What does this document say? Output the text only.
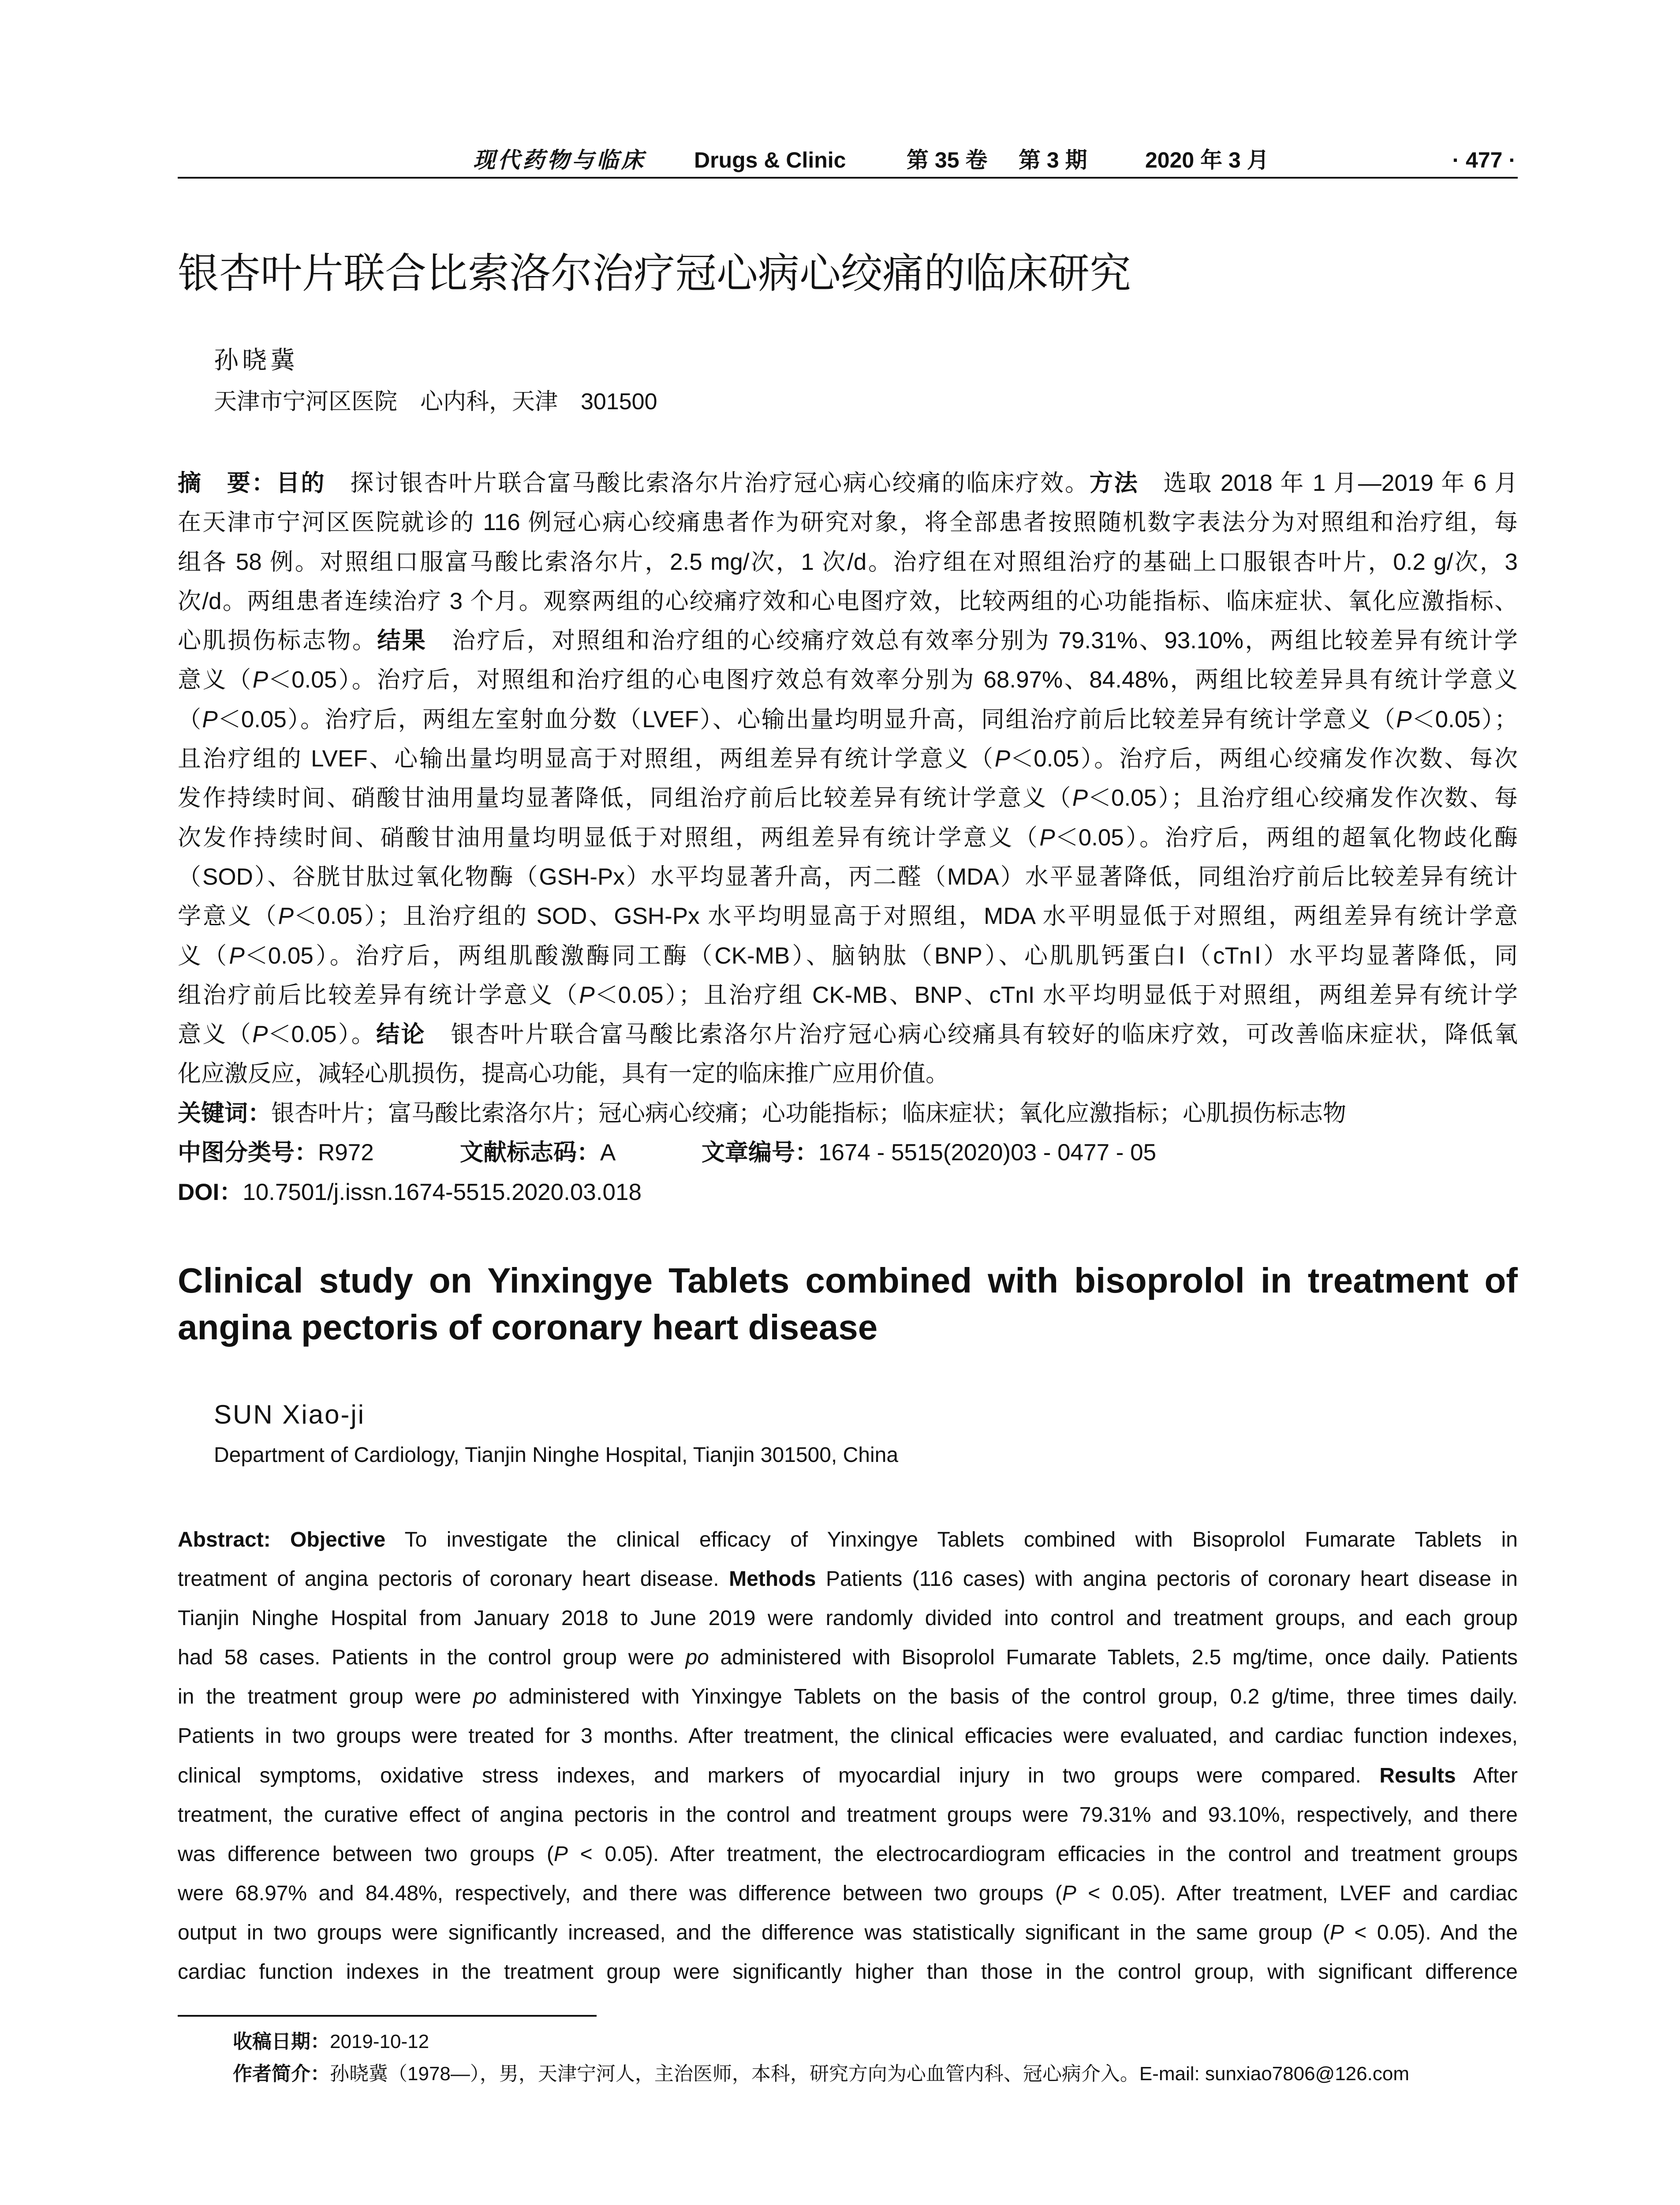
现代药物与临床 Drugs & Clinic	第 35 卷 第 3 期	2020 年 3 月	· 477 ·
银杏叶片联合比索洛尔治疗冠心病心绞痛的临床研究
孙晓冀
天津市宁河区医院　心内科，天津　301500
摘　要：目的　探讨银杏叶片联合富马酸比索洛尔片治疗冠心病心绞痛的临床疗效。方法　选取 2018 年 1 月—2019 年 6 月
在天津市宁河区医院就诊的 116 例冠心病心绞痛患者作为研究对象，将全部患者按照随机数字表法分为对照组和治疗组，每
组各 58 例。对照组口服富马酸比索洛尔片，2.5 mg/次，1 次/d。治疗组在对照组治疗的基础上口服银杏叶片，0.2 g/次，3
次/d。两组患者连续治疗 3 个月。观察两组的心绞痛疗效和心电图疗效，比较两组的心功能指标、临床症状、氧化应激指标、
心肌损伤标志物。结果　治疗后，对照组和治疗组的心绞痛疗效总有效率分别为 79.31%、93.10%，两组比较差异有统计学
意义（P＜0.05）。治疗后，对照组和治疗组的心电图疗效总有效率分别为 68.97%、84.48%，两组比较差异具有统计学意义
（P＜0.05）。治疗后，两组左室射血分数（LVEF）、心输出量均明显升高，同组治疗前后比较差异有统计学意义（P＜0.05）；
且治疗组的 LVEF、心输出量均明显高于对照组，两组差异有统计学意义（P＜0.05）。治疗后，两组心绞痛发作次数、每次
发作持续时间、硝酸甘油用量均显著降低，同组治疗前后比较差异有统计学意义（P＜0.05）；且治疗组心绞痛发作次数、每
次发作持续时间、硝酸甘油用量均明显低于对照组，两组差异有统计学意义（P＜0.05）。治疗后，两组的超氧化物歧化酶
（SOD）、谷胱甘肽过氧化物酶（GSH-Px）水平均显著升高，丙二醛（MDA）水平显著降低，同组治疗前后比较差异有统计
学意义（P＜0.05）；且治疗组的 SOD、GSH-Px 水平均明显高于对照组，MDA 水平明显低于对照组，两组差异有统计学意
义（P＜0.05）。治疗后，两组肌酸激酶同工酶（CK-MB）、脑钠肽（BNP）、心肌肌钙蛋白Ⅰ（cTnⅠ）水平均显著降低，同
组治疗前后比较差异有统计学意义（P＜0.05）；且治疗组 CK-MB、BNP、cTnI 水平均明显低于对照组，两组差异有统计学
意义（P＜0.05）。结论　银杏叶片联合富马酸比索洛尔片治疗冠心病心绞痛具有较好的临床疗效，可改善临床症状，降低氧
化应激反应，减轻心肌损伤，提高心功能，具有一定的临床推广应用价值。
关键词：银杏叶片；富马酸比索洛尔片；冠心病心绞痛；心功能指标；临床症状；氧化应激指标；心肌损伤标志物
中图分类号：R972	文献标志码：A	文章编号：1674 - 5515(2020)03 - 0477 - 05
DOI：10.7501/j.issn.1674-5515.2020.03.018
Clinical study on Yinxingye Tablets combined with bisoprolol in treatment of
angina pectoris of coronary heart disease
SUN Xiao-ji
Department of Cardiology, Tianjin Ninghe Hospital, Tianjin 301500, China
Abstract: Objective To investigate the clinical efficacy of Yinxingye Tablets combined with Bisoprolol Fumarate Tablets in
treatment of angina pectoris of coronary heart disease. Methods Patients (116 cases) with angina pectoris of coronary heart disease in
Tianjin Ninghe Hospital from January 2018 to June 2019 were randomly divided into control and treatment groups, and each group
had 58 cases. Patients in the control group were po administered with Bisoprolol Fumarate Tablets, 2.5 mg/time, once daily. Patients
in the treatment group were po administered with Yinxingye Tablets on the basis of the control group, 0.2 g/time, three times daily.
Patients in two groups were treated for 3 months. After treatment, the clinical efficacies were evaluated, and cardiac function indexes,
clinical symptoms, oxidative stress indexes, and markers of myocardial injury in two groups were compared. Results After
treatment, the curative effect of angina pectoris in the control and treatment groups were 79.31% and 93.10%, respectively, and there
was difference between two groups (P < 0.05). After treatment, the electrocardiogram efficacies in the control and treatment groups
were 68.97% and 84.48%, respectively, and there was difference between two groups (P < 0.05). After treatment, LVEF and cardiac
output in two groups were significantly increased, and the difference was statistically significant in the same group (P < 0.05). And the
cardiac function indexes in the treatment group were significantly higher than those in the control group, with significant difference
收稿日期：2019-10-12
作者简介：孙晓冀（1978—），男，天津宁河人，主治医师，本科，研究方向为心血管内科、冠心病介入。E-mail: sunxiao7806@126.com
